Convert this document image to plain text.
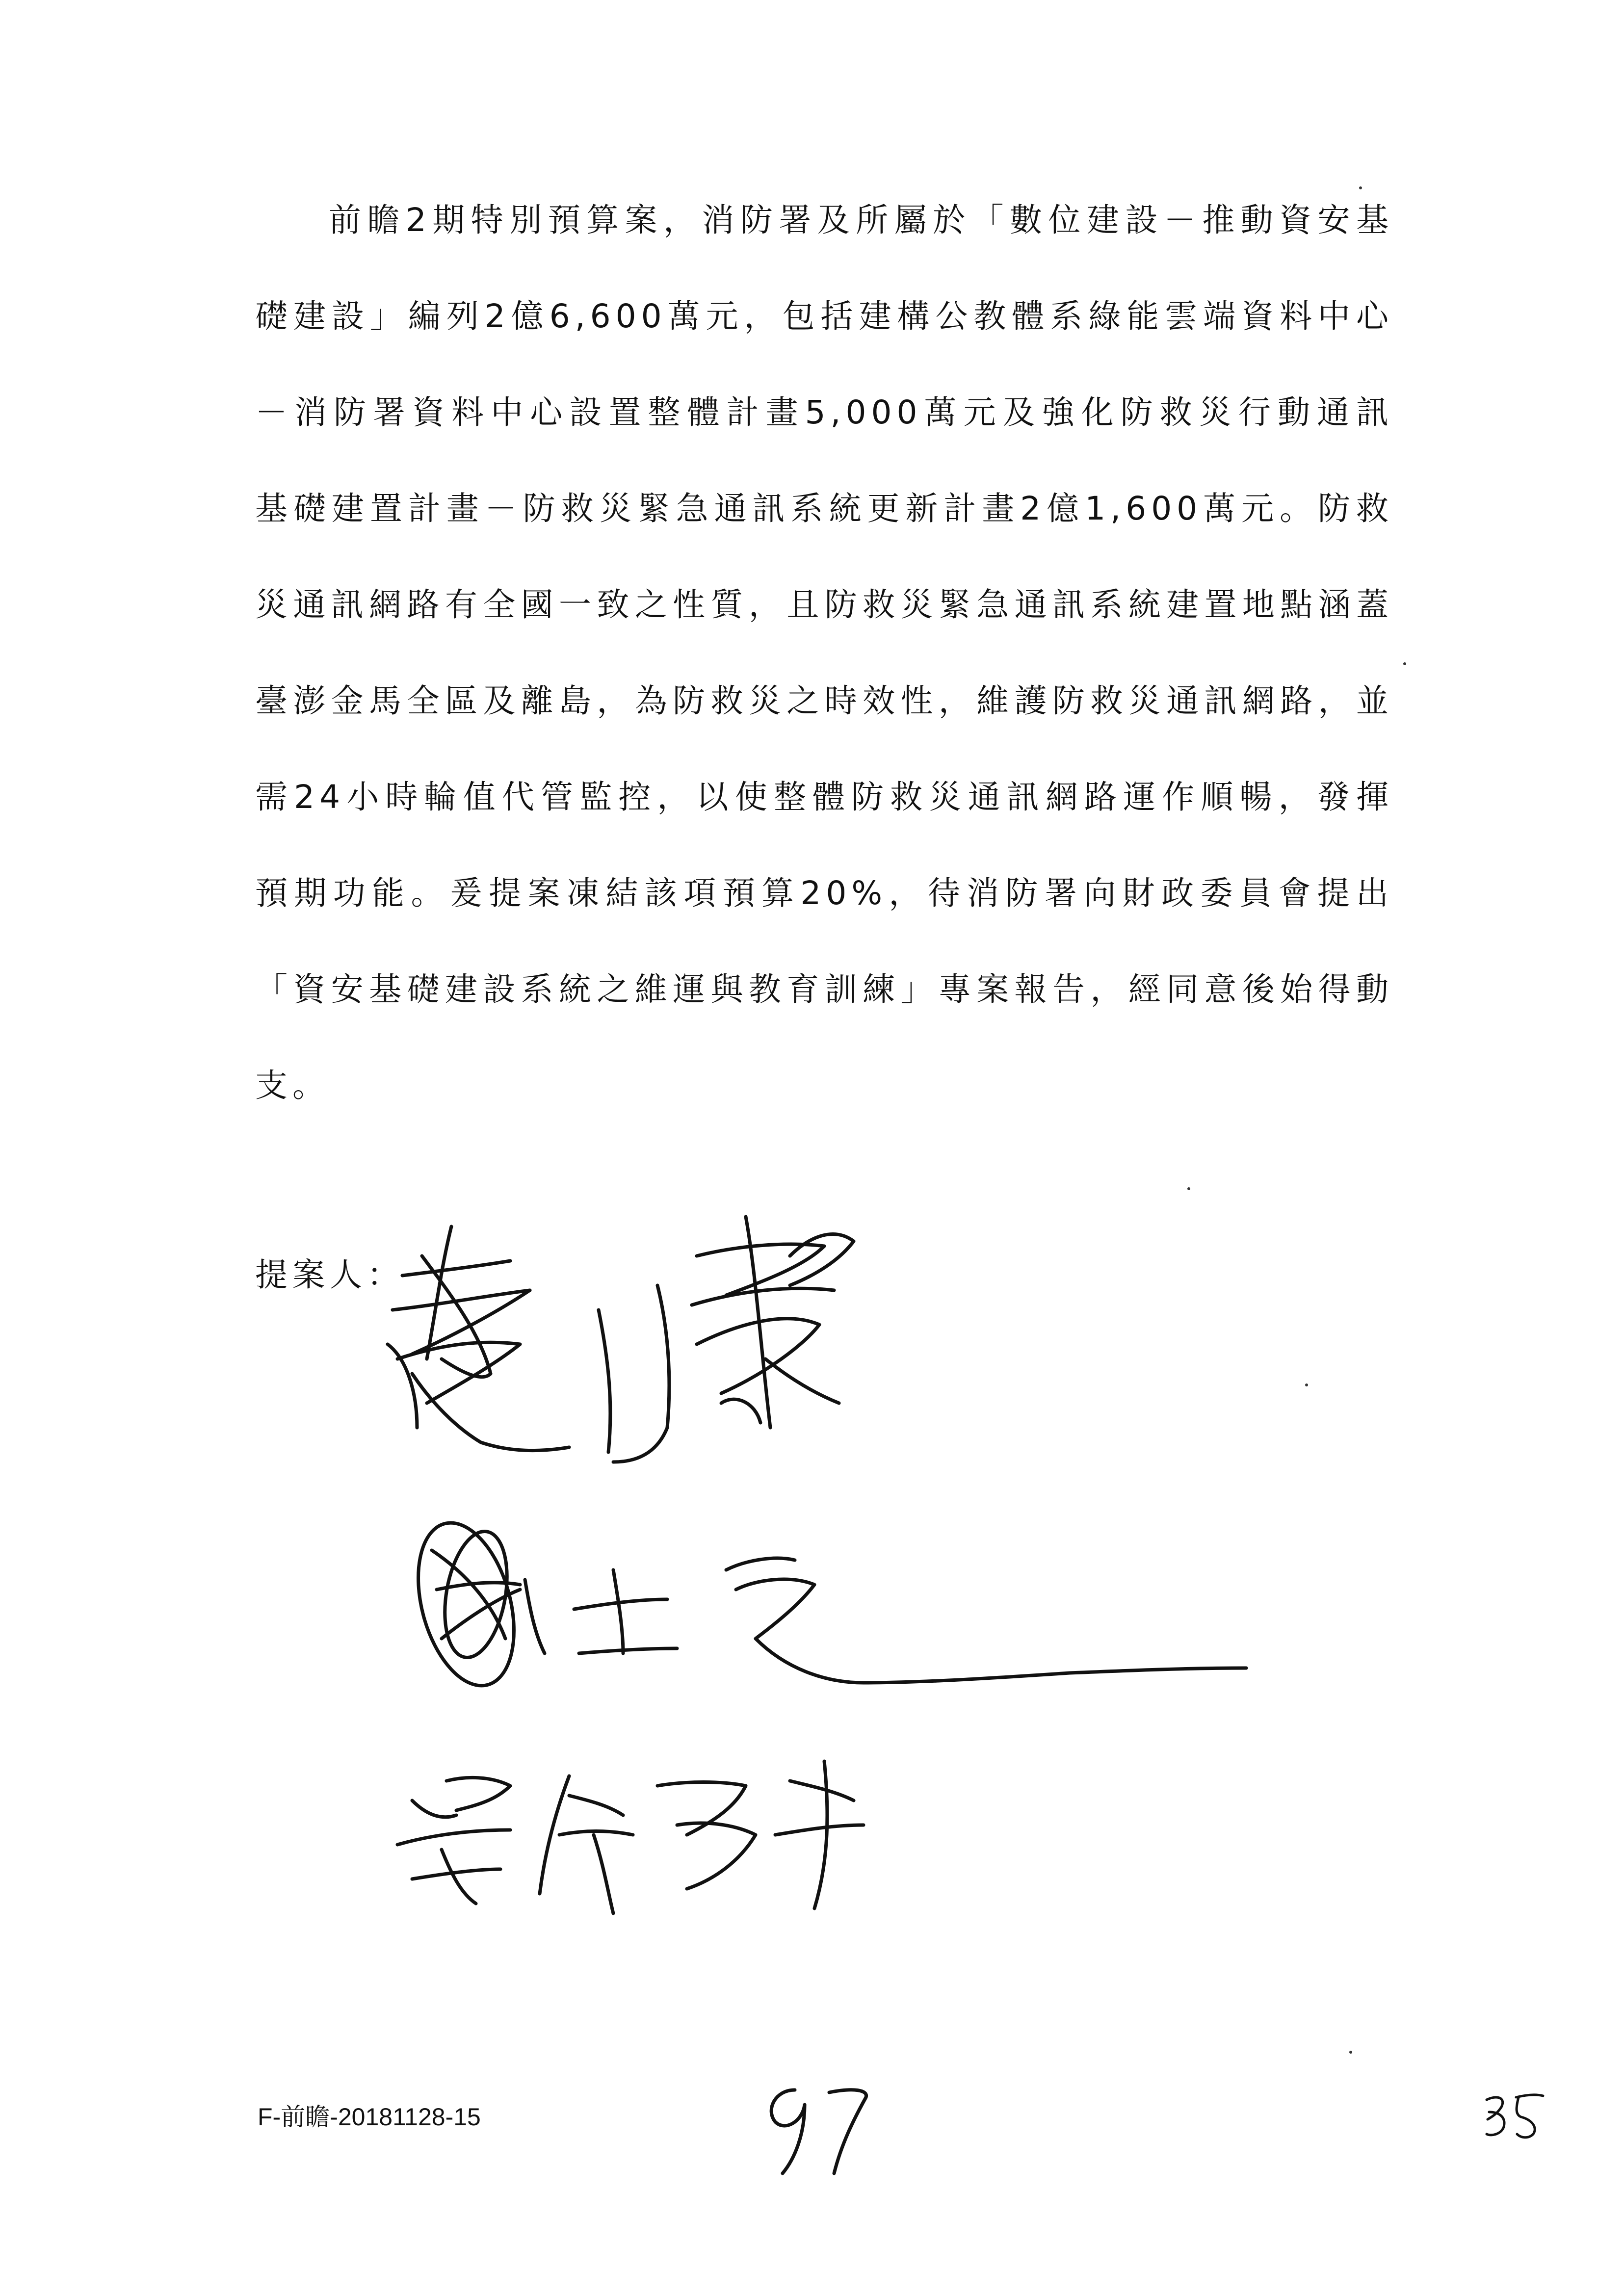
前瞻2期特別預算案，消防署及所屬於「數位建設－推動資安基
礎建設」編列2億6,600萬元，包括建構公教體系綠能雲端資料中心
－消防署資料中心設置整體計畫5,000萬元及強化防救災行動通訊
基礎建置計畫－防救災緊急通訊系統更新計畫2億1,600萬元。防救
災通訊網路有全國一致之性質，且防救災緊急通訊系統建置地點涵蓋
臺澎金馬全區及離島，為防救災之時效性，維護防救災通訊網路，並
需24小時輪值代管監控，以使整體防救災通訊網路運作順暢，發揮
預期功能。爰提案凍結該項預算20%，待消防署向財政委員會提出
「資安基礎建設系統之維運與教育訓練」專案報告，經同意後始得動
支。
提案人：
F-前瞻-20181128-15
